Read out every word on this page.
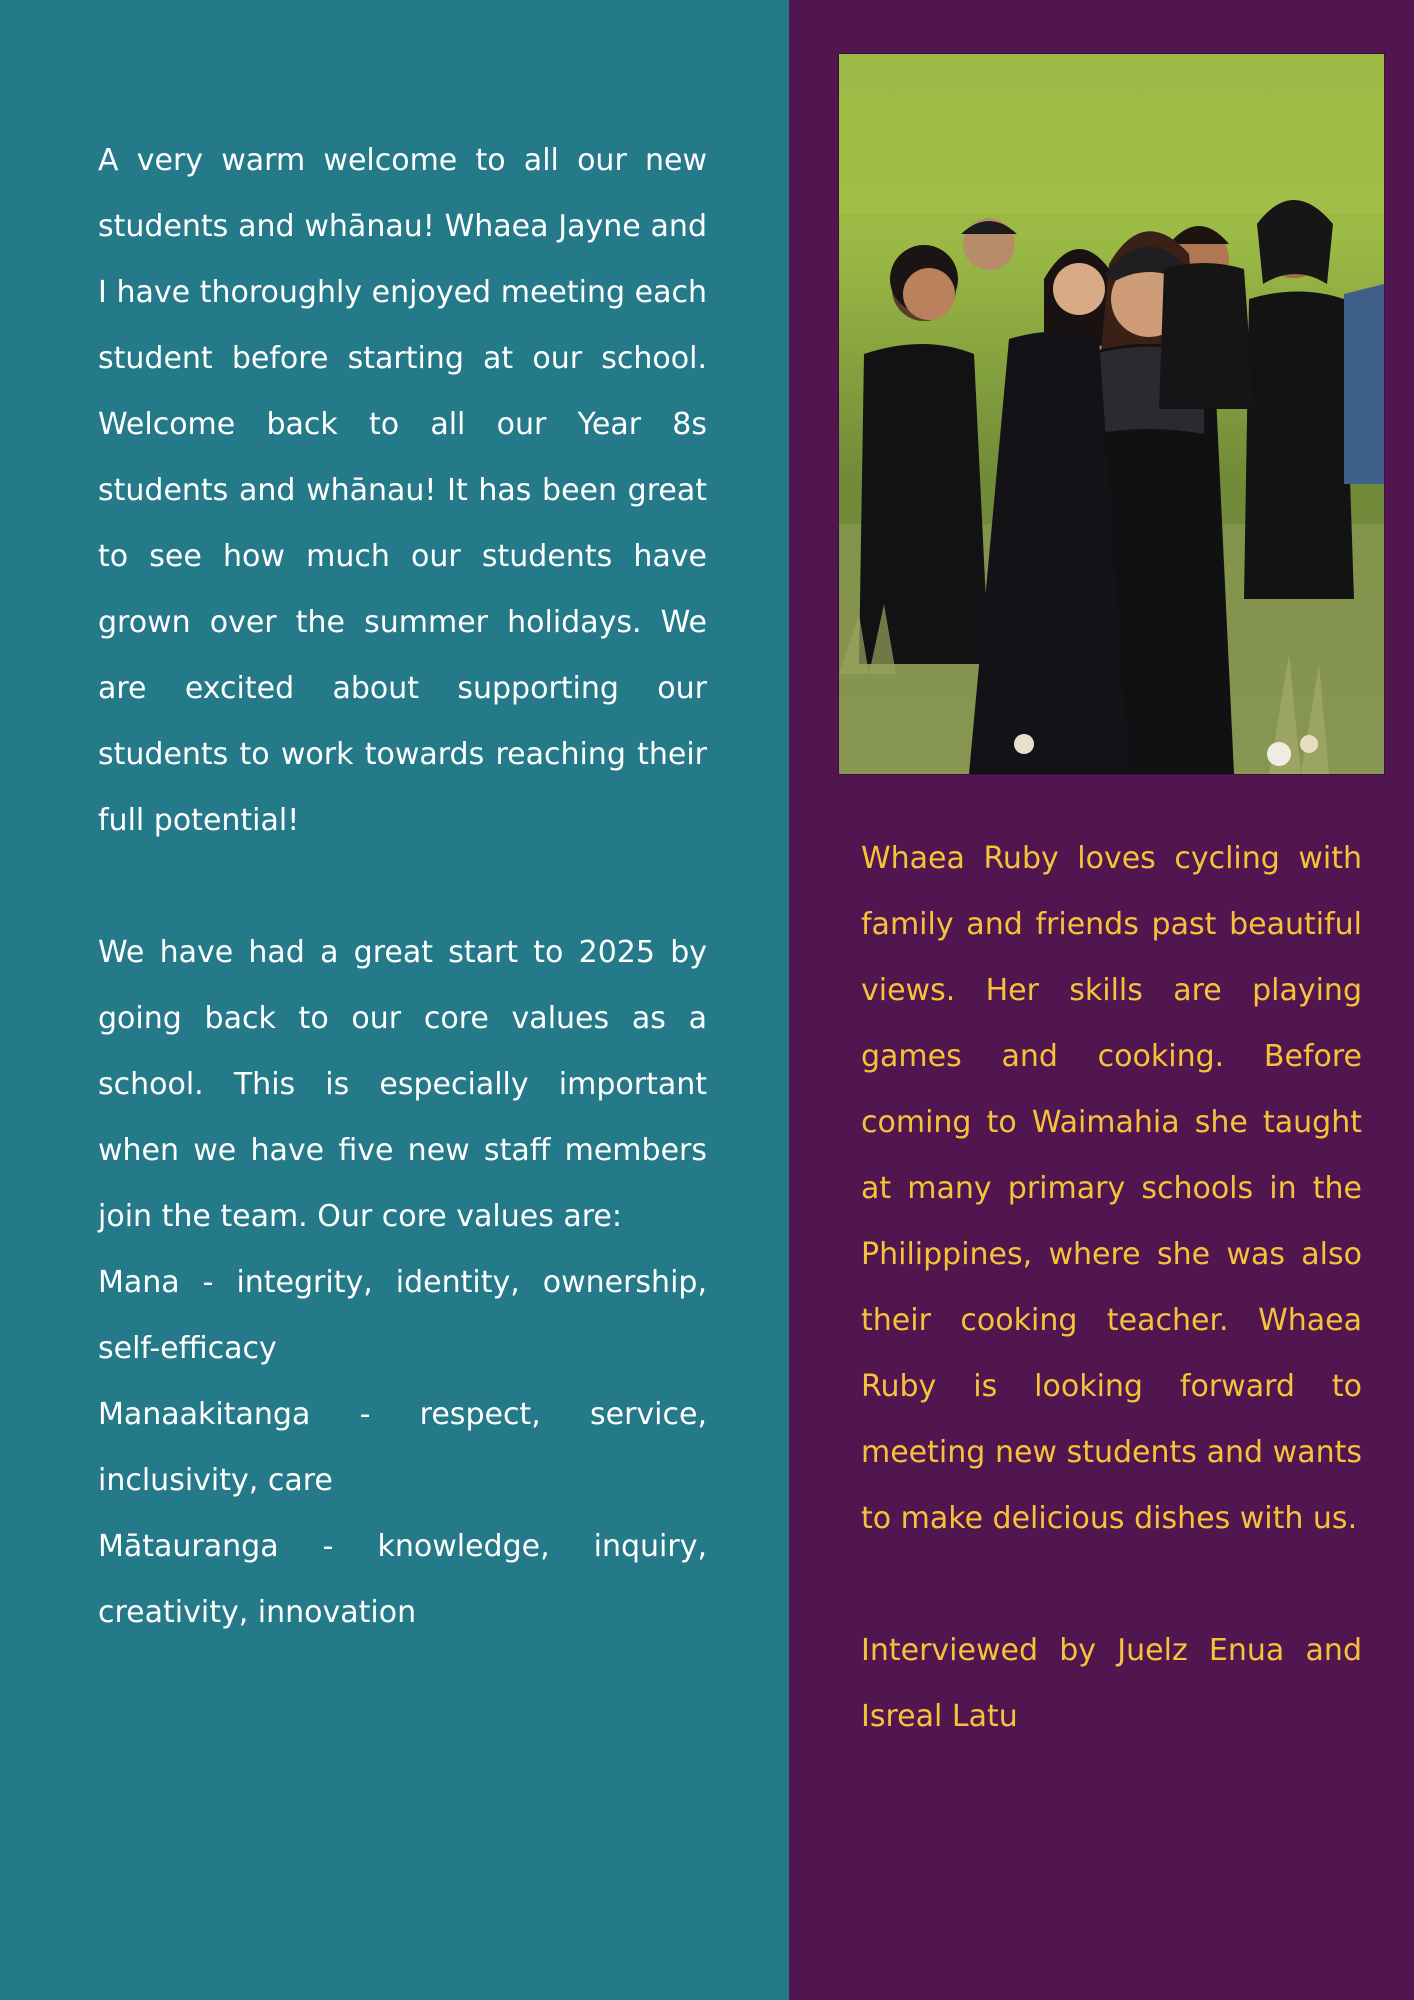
A very warm welcome to all our new students and whānau! Whaea Jayne and I have thoroughly enjoyed meeting each student before starting at our school. Welcome back to all our Year 8s students and whānau! It has been great to see how much our students have grown over the summer holidays. We are excited about supporting our students to work towards reaching their full potential!

We have had a great start to 2025 by going back to our core values as a school. This is especially important when we have five new staff members join the team. Our core values are:

Mana - integrity, identity, ownership, self-efficacy

Manaakitanga - respect, service, inclusivity, care

Mātauranga - knowledge, inquiry, creativity, innovation

Whaea Ruby loves cycling with family and friends past beautiful views. Her skills are playing games and cooking. Before coming to Waimahia she taught at many primary schools in the Philippines, where she was also their cooking teacher. Whaea Ruby is looking forward to meeting new students and wants to make delicious dishes with us.

Interviewed by Juelz Enua and Isreal Latu
